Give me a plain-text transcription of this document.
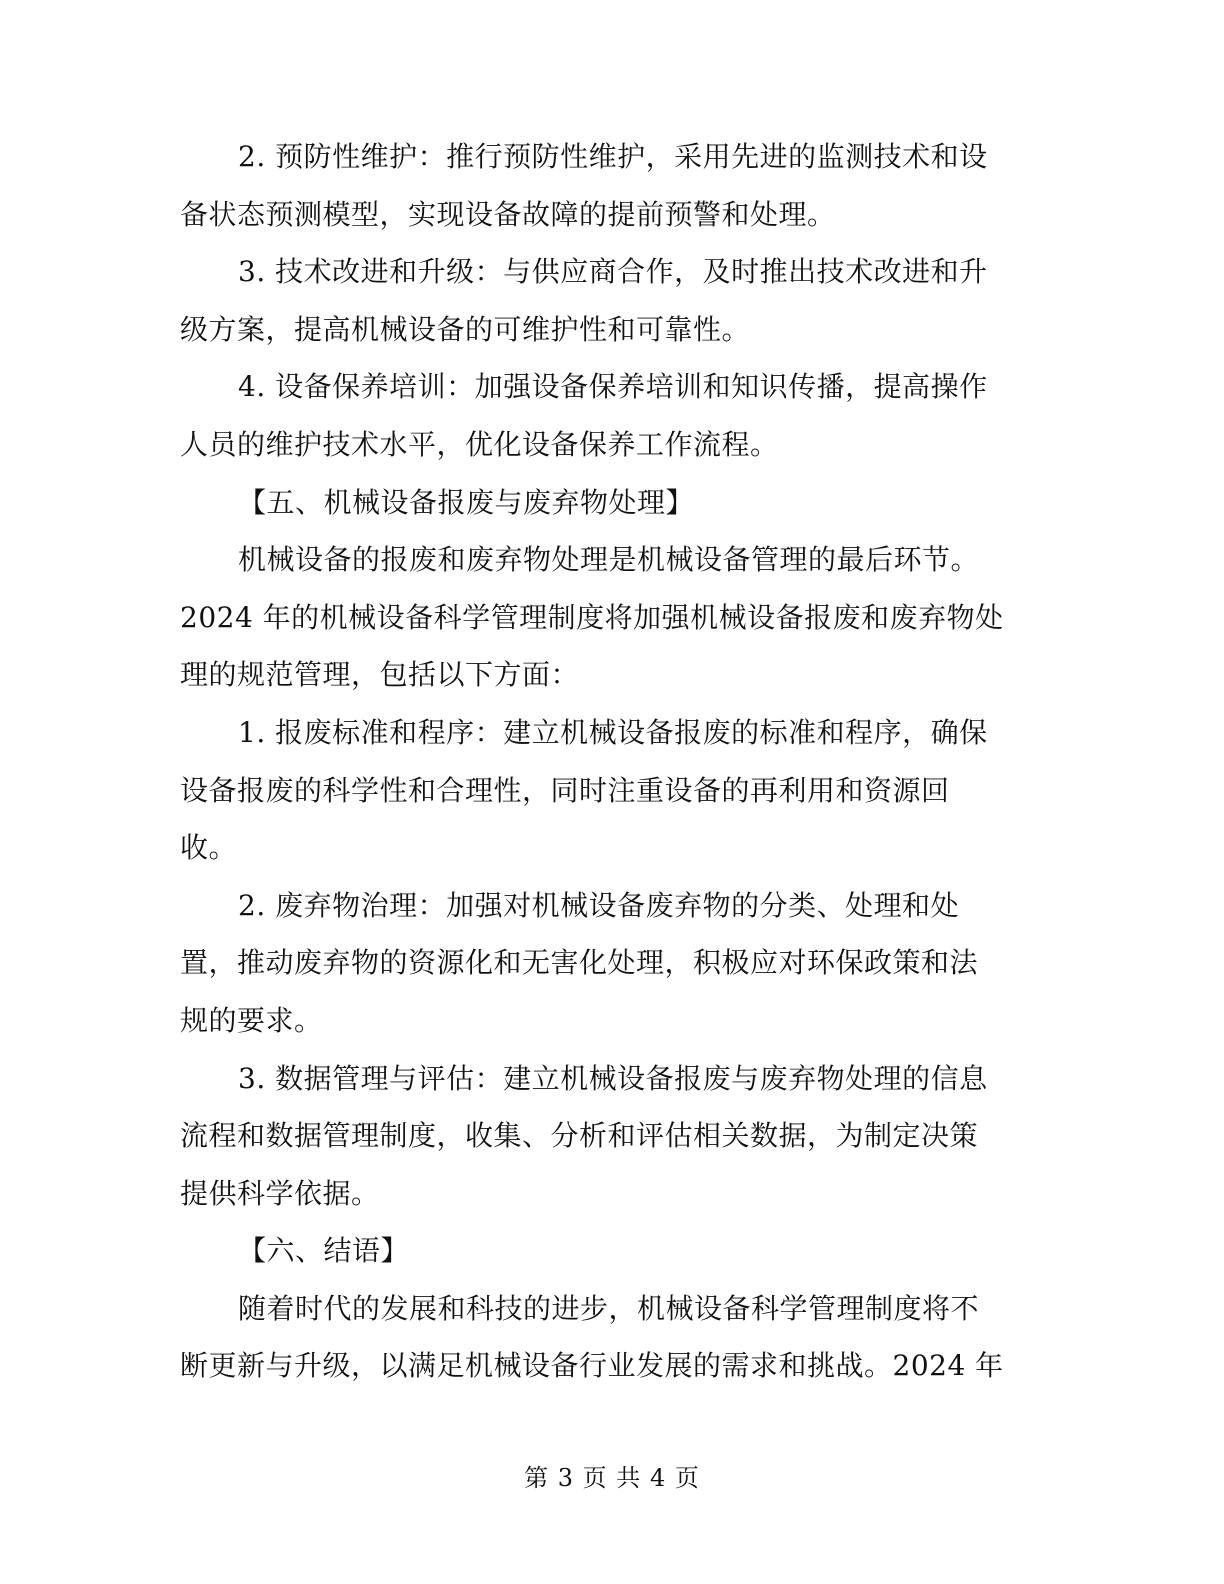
2. 预防性维护：推行预防性维护，采用先进的监测技术和设
备状态预测模型，实现设备故障的提前预警和处理。
3. 技术改进和升级：与供应商合作，及时推出技术改进和升
级方案，提高机械设备的可维护性和可靠性。
4. 设备保养培训：加强设备保养培训和知识传播，提高操作
人员的维护技术水平，优化设备保养工作流程。
【五、机械设备报废与废弃物处理】
机械设备的报废和废弃物处理是机械设备管理的最后环节。
2024 年的机械设备科学管理制度将加强机械设备报废和废弃物处
理的规范管理，包括以下方面：
1. 报废标准和程序：建立机械设备报废的标准和程序，确保
设备报废的科学性和合理性，同时注重设备的再利用和资源回
收。
2. 废弃物治理：加强对机械设备废弃物的分类、处理和处
置，推动废弃物的资源化和无害化处理，积极应对环保政策和法
规的要求。
3. 数据管理与评估：建立机械设备报废与废弃物处理的信息
流程和数据管理制度，收集、分析和评估相关数据，为制定决策
提供科学依据。
【六、结语】
随着时代的发展和科技的进步，机械设备科学管理制度将不
断更新与升级，以满足机械设备行业发展的需求和挑战。2024 年
第 3 页 共 4 页
